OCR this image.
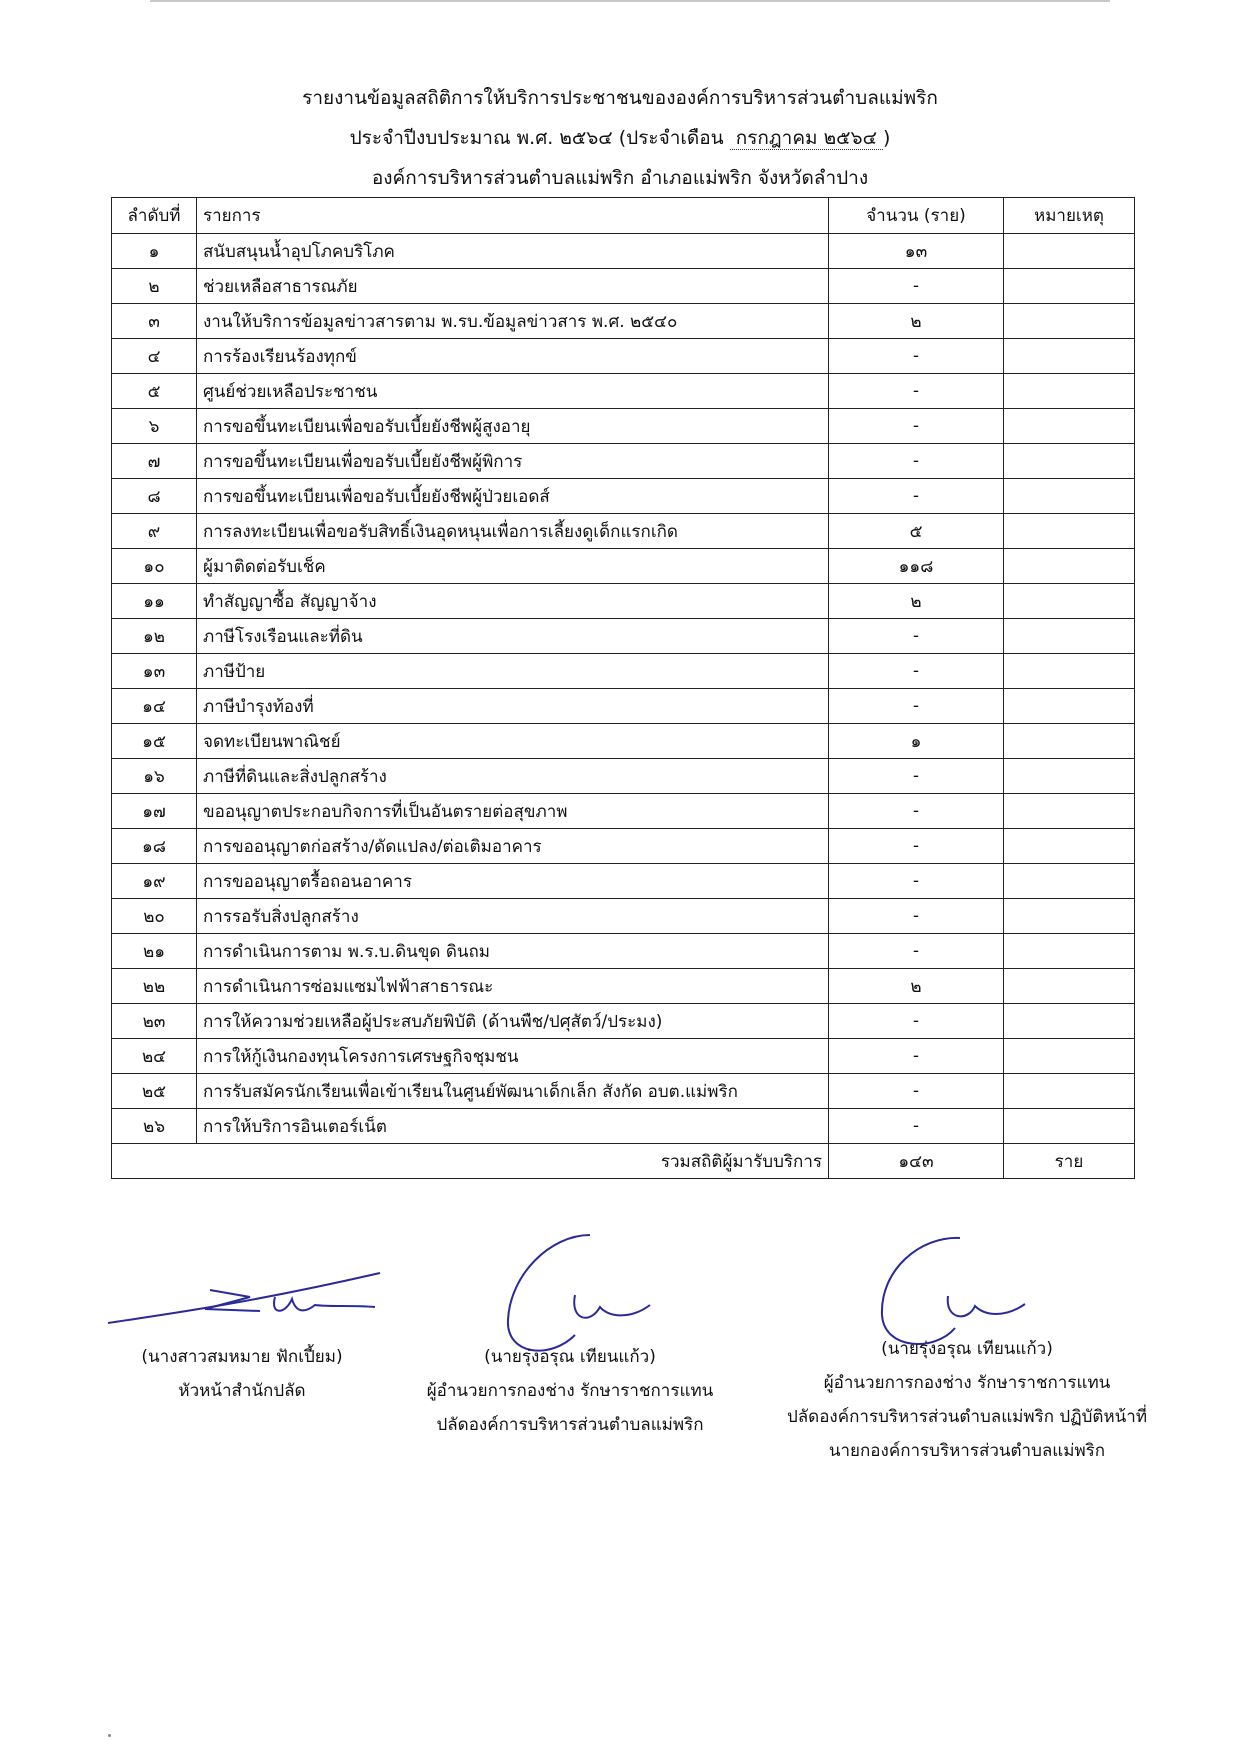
รายงานข้อมูลสถิติการให้บริการประชาชนขององค์การบริหารส่วนตำบลแม่พริก
ประจำปีงบประมาณ พ.ศ. ๒๕๖๔ (ประจำเดือน กรกฎาคม ๒๕๖๔ )
องค์การบริหารส่วนตำบลแม่พริก อำเภอแม่พริก จังหวัดลำปาง
ลำดับที่	รายการ	จำนวน (ราย)	หมายเหตุ
๑	สนับสนุนน้ำอุปโภคบริโภค	๑๓	
๒	ช่วยเหลือสาธารณภัย	-	
๓	งานให้บริการข้อมูลข่าวสารตาม พ.รบ.ข้อมูลข่าวสาร พ.ศ. ๒๕๔๐	๒	
๔	การร้องเรียนร้องทุกข์	-	
๕	ศูนย์ช่วยเหลือประชาชน	-	
๖	การขอขึ้นทะเบียนเพื่อขอรับเบี้ยยังชีพผู้สูงอายุ	-	
๗	การขอขึ้นทะเบียนเพื่อขอรับเบี้ยยังชีพผู้พิการ	-	
๘	การขอขึ้นทะเบียนเพื่อขอรับเบี้ยยังชีพผู้ป่วยเอดส์	-	
๙	การลงทะเบียนเพื่อขอรับสิทธิ์เงินอุดหนุนเพื่อการเลี้ยงดูเด็กแรกเกิด	๕	
๑๐	ผู้มาติดต่อรับเช็ค	๑๑๘	
๑๑	ทำสัญญาซื้อ สัญญาจ้าง	๒	
๑๒	ภาษีโรงเรือนและที่ดิน	-	
๑๓	ภาษีป้าย	-	
๑๔	ภาษีบำรุงท้องที่	-	
๑๕	จดทะเบียนพาณิชย์	๑	
๑๖	ภาษีที่ดินและสิ่งปลูกสร้าง	-	
๑๗	ขออนุญาตประกอบกิจการที่เป็นอันตรายต่อสุขภาพ	-	
๑๘	การขออนุญาตก่อสร้าง/ดัดแปลง/ต่อเติมอาคาร	-	
๑๙	การขออนุญาตรื้อถอนอาคาร	-	
๒๐	การรอรับสิ่งปลูกสร้าง	-	
๒๑	การดำเนินการตาม พ.ร.บ.ดินขุด ดินถม	-	
๒๒	การดำเนินการซ่อมแซมไฟฟ้าสาธารณะ	๒	
๒๓	การให้ความช่วยเหลือผู้ประสบภัยพิบัติ (ด้านพืช/ปศุสัตว์/ประมง)	-	
๒๔	การให้กู้เงินกองทุนโครงการเศรษฐกิจชุมชน	-	
๒๕	การรับสมัครนักเรียนเพื่อเข้าเรียนในศูนย์พัฒนาเด็กเล็ก สังกัด อบต.แม่พริก	-	
๒๖	การให้บริการอินเตอร์เน็ต	-	
รวมสถิติผู้มารับบริการ		๑๔๓	ราย
(นางสาวสมหมาย ฟักเปี้ยม)
หัวหน้าสำนักปลัด
(นายรุ่งอรุณ เทียนแก้ว)
ผู้อำนวยการกองช่าง รักษาราชการแทน
ปลัดองค์การบริหารส่วนตำบลแม่พริก
(นายรุ่งอรุณ เทียนแก้ว)
ผู้อำนวยการกองช่าง รักษาราชการแทน
ปลัดองค์การบริหารส่วนตำบลแม่พริก ปฏิบัติหน้าที่
นายกองค์การบริหารส่วนตำบลแม่พริก
